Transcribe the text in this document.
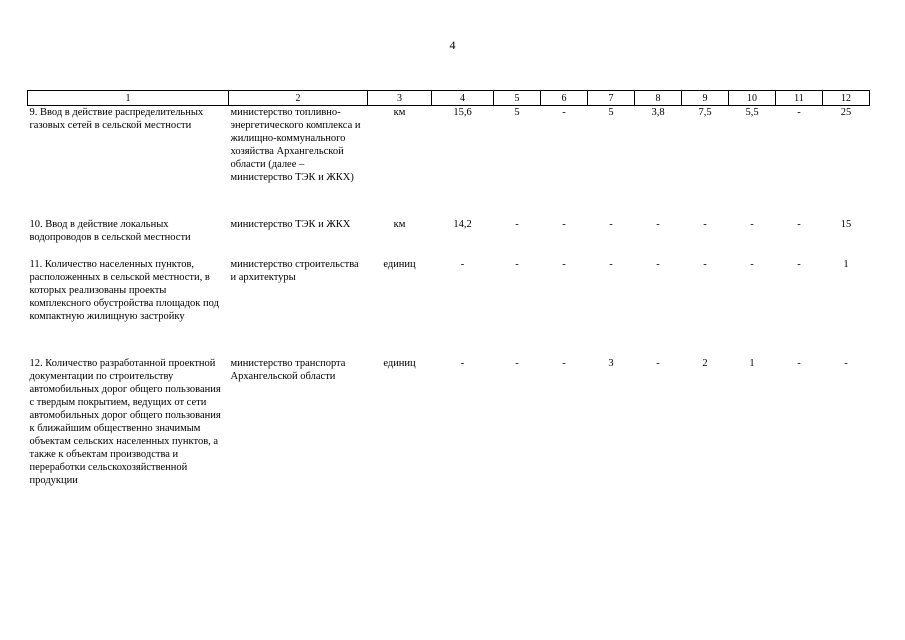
4
1	2	3	4	5	6	7	8	9	10	11	12
9. Ввод в действие распределительных газовых сетей в сельской местности	министерство топливно-энергетического комплекса и жилищно-коммунального хозяйства Архангельской области (далее – министерство ТЭК и ЖКХ)	км	15,6	5	-	5	3,8	7,5	5,5	-	25
10. Ввод в действие локальных водопроводов в сельской местности	министерство ТЭК и ЖКХ	км	14,2	-	-	-	-	-	-	-	15
11. Количество населенных пунктов, расположенных в сельской местности, в которых реализованы проекты комплексного обустройства площадок под компактную жилищную застройку	министерство строительства и архитектуры	единиц	-	-	-	-	-	-	-	-	1
12. Количество разработанной проектной документации по строительству автомобильных дорог общего пользования с твердым покрытием, ведущих от сети автомобильных дорог общего пользования к ближайшим общественно значимым объектам сельских населенных пунктов, а также к объектам производства и переработки сельскохозяйственной продукции	министерство транспорта Архангельской области	единиц	-	-	-	3	-	2	1	-	-
